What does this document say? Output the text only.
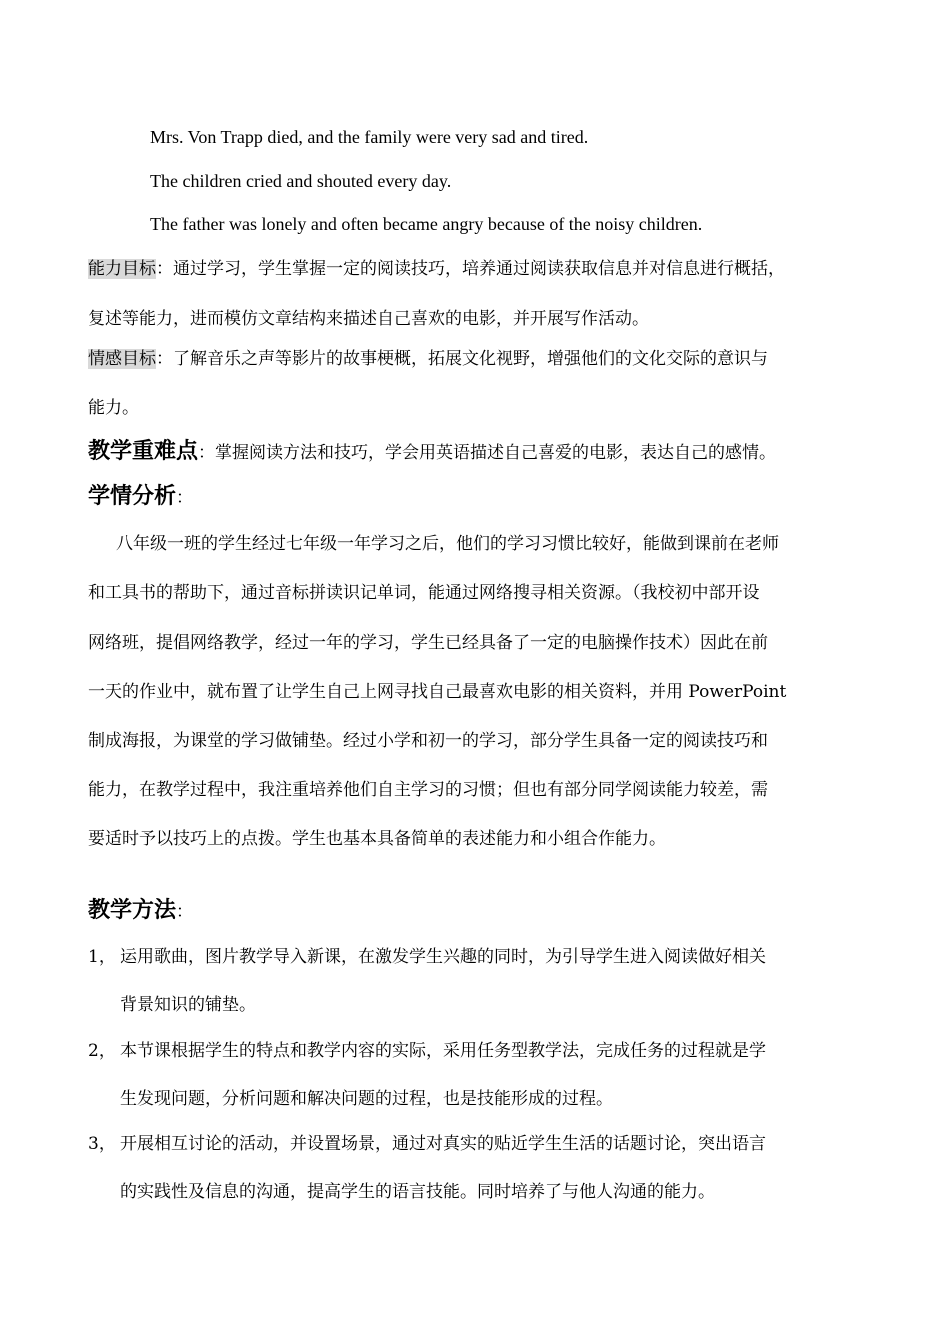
Mrs. Von Trapp died, and the family were very sad and tired.
The children cried and shouted every day.
The father was lonely and often became angry because of the noisy children.
能力目标：通过学习，学生掌握一定的阅读技巧，培养通过阅读获取信息并对信息进行概括，
复述等能力，进而模仿文章结构来描述自己喜欢的电影，并开展写作活动。
情感目标：了解音乐之声等影片的故事梗概，拓展文化视野，增强他们的文化交际的意识与
能力。
教学重难点：掌握阅读方法和技巧，学会用英语描述自己喜爱的电影，表达自己的感情。
学情分析：
八年级一班的学生经过七年级一年学习之后，他们的学习习惯比较好，能做到课前在老师
和工具书的帮助下，通过音标拼读识记单词，能通过网络搜寻相关资源。（我校初中部开设
网络班，提倡网络教学，经过一年的学习，学生已经具备了一定的电脑操作技术）因此在前
一天的作业中，就布置了让学生自己上网寻找自己最喜欢电影的相关资料，并用 PowerPoint
制成海报，为课堂的学习做铺垫。经过小学和初一的学习，部分学生具备一定的阅读技巧和
能力，在教学过程中，我注重培养他们自主学习的习惯；但也有部分同学阅读能力较差，需
要适时予以技巧上的点拨。学生也基本具备简单的表述能力和小组合作能力。
教学方法：
1， 运用歌曲，图片教学导入新课，在激发学生兴趣的同时，为引导学生进入阅读做好相关
背景知识的铺垫。
2， 本节课根据学生的特点和教学内容的实际，采用任务型教学法，完成任务的过程就是学
生发现问题，分析问题和解决问题的过程，也是技能形成的过程。
3， 开展相互讨论的活动，并设置场景，通过对真实的贴近学生生活的话题讨论，突出语言
的实践性及信息的沟通，提高学生的语言技能。同时培养了与他人沟通的能力。
